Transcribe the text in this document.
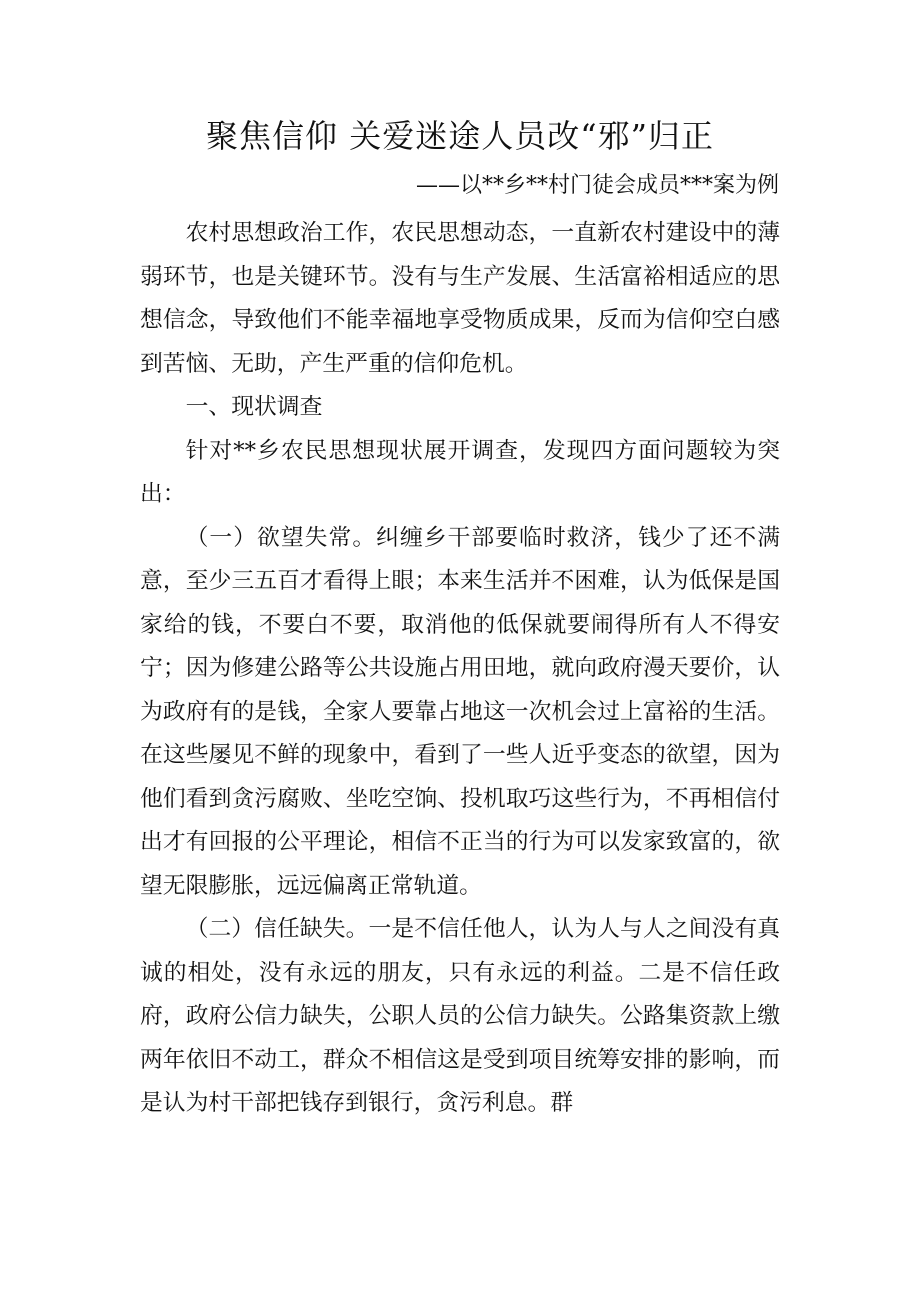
聚焦信仰 关爱迷途人员改“邪”归正
——以**乡**村门徒会成员***案为例

农村思想政治工作，农民思想动态，一直新农村建设中的薄弱环节，也是关键环节。没有与生产发展、生活富裕相适应的思想信念，导致他们不能幸福地享受物质成果，反而为信仰空白感到苦恼、无助，产生严重的信仰危机。

一、现状调查

针对**乡农民思想现状展开调查，发现四方面问题较为突出：

（一）欲望失常。纠缠乡干部要临时救济，钱少了还不满意，至少三五百才看得上眼；本来生活并不困难，认为低保是国家给的钱，不要白不要，取消他的低保就要闹得所有人不得安宁；因为修建公路等公共设施占用田地，就向政府漫天要价，认为政府有的是钱，全家人要靠占地这一次机会过上富裕的生活。在这些屡见不鲜的现象中，看到了一些人近乎变态的欲望，因为他们看到贪污腐败、坐吃空饷、投机取巧这些行为，不再相信付出才有回报的公平理论，相信不正当的行为可以发家致富的，欲望无限膨胀，远远偏离正常轨道。

（二）信任缺失。一是不信任他人，认为人与人之间没有真诚的相处，没有永远的朋友，只有永远的利益。二是不信任政府，政府公信力缺失，公职人员的公信力缺失。公路集资款上缴两年依旧不动工，群众不相信这是受到项目统筹安排的影响，而是认为村干部把钱存到银行，贪污利息。群
